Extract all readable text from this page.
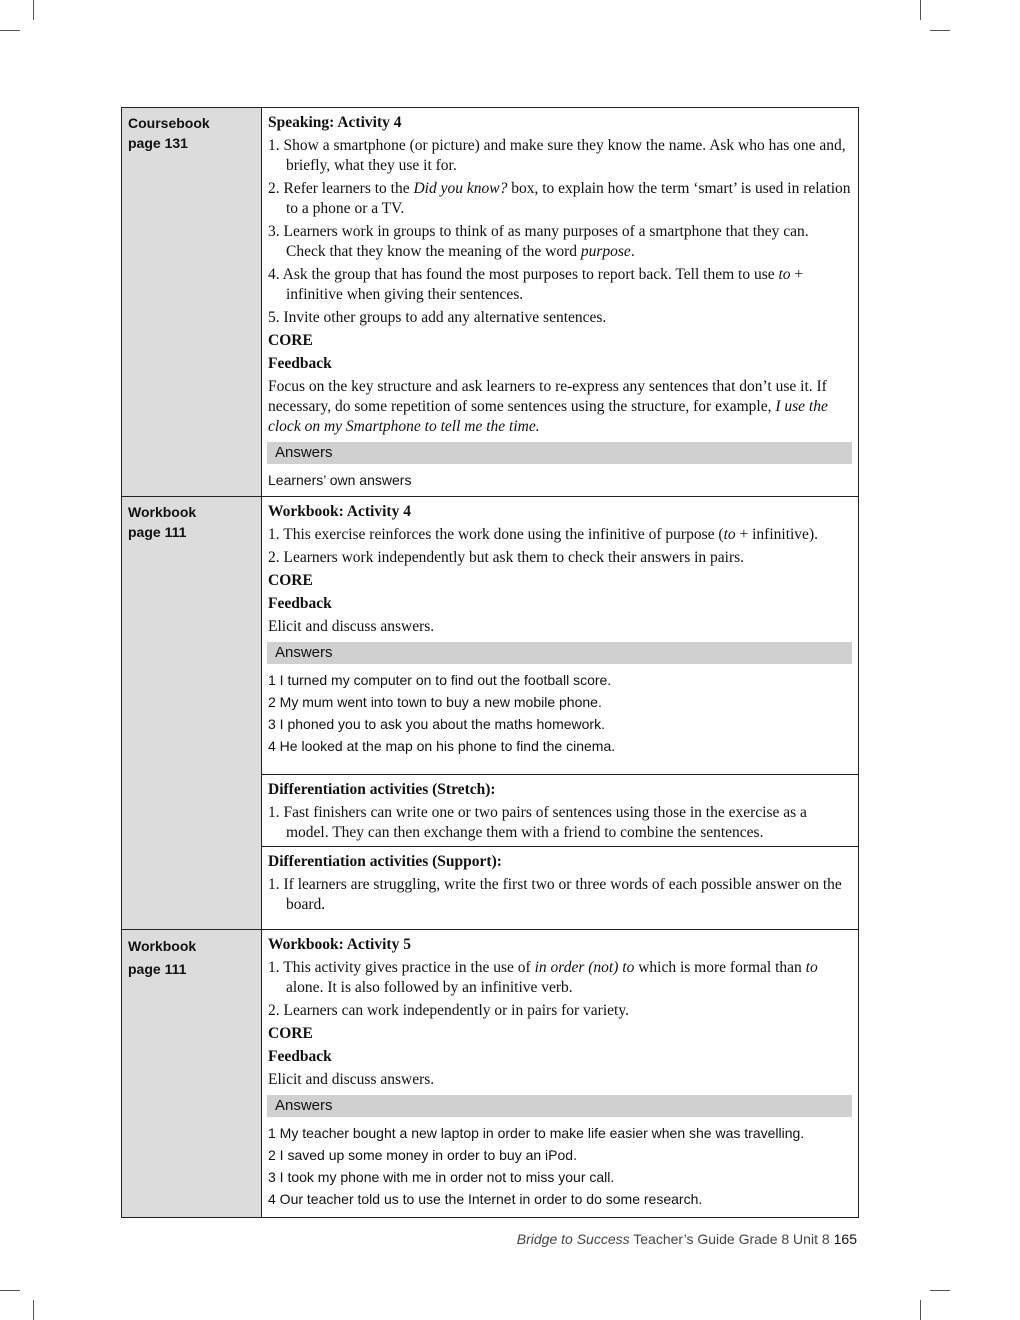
Coursebook
page 131
Speaking: Activity 4
1. Show a smartphone (or picture) and make sure they know the name. Ask who has one and, briefly, what they use it for.
2. Refer learners to the Did you know? box, to explain how the term ‘smart’ is used in relation to a phone or a TV.
3. Learners work in groups to think of as many purposes of a smartphone that they can. Check that they know the meaning of the word purpose.
4. Ask the group that has found the most purposes to report back. Tell them to use to + infinitive when giving their sentences.
5. Invite other groups to add any alternative sentences.
CORE
Feedback
Focus on the key structure and ask learners to re-express any sentences that don’t use it. If necessary, do some repetition of some sentences using the structure, for example, I use the clock on my Smartphone to tell me the time.
Answers
Learners’ own answers
Workbook
page 111
Workbook: Activity 4
1. This exercise reinforces the work done using the infinitive of purpose (to + infinitive).
2. Learners work independently but ask them to check their answers in pairs.
CORE
Feedback
Elicit and discuss answers.
Answers
1 I turned my computer on to find out the football score.
2 My mum went into town to buy a new mobile phone.
3 I phoned you to ask you about the maths homework.
4 He looked at the map on his phone to find the cinema.
Differentiation activities (Stretch):
1. Fast finishers can write one or two pairs of sentences using those in the exercise as a model. They can then exchange them with a friend to combine the sentences.
Differentiation activities (Support):
1. If learners are struggling, write the first two or three words of each possible answer on the board.
Workbook
page 111
Workbook: Activity 5
1. This activity gives practice in the use of in order (not) to which is more formal than to alone. It is also followed by an infinitive verb.
2. Learners can work independently or in pairs for variety.
CORE
Feedback
Elicit and discuss answers.
Answers
1 My teacher bought a new laptop in order to make life easier when she was travelling.
2 I saved up some money in order to buy an iPod.
3 I took my phone with me in order not to miss your call.
4 Our teacher told us to use the Internet in order to do some research.
Bridge to Success Teacher’s Guide Grade 8 Unit 8 165
